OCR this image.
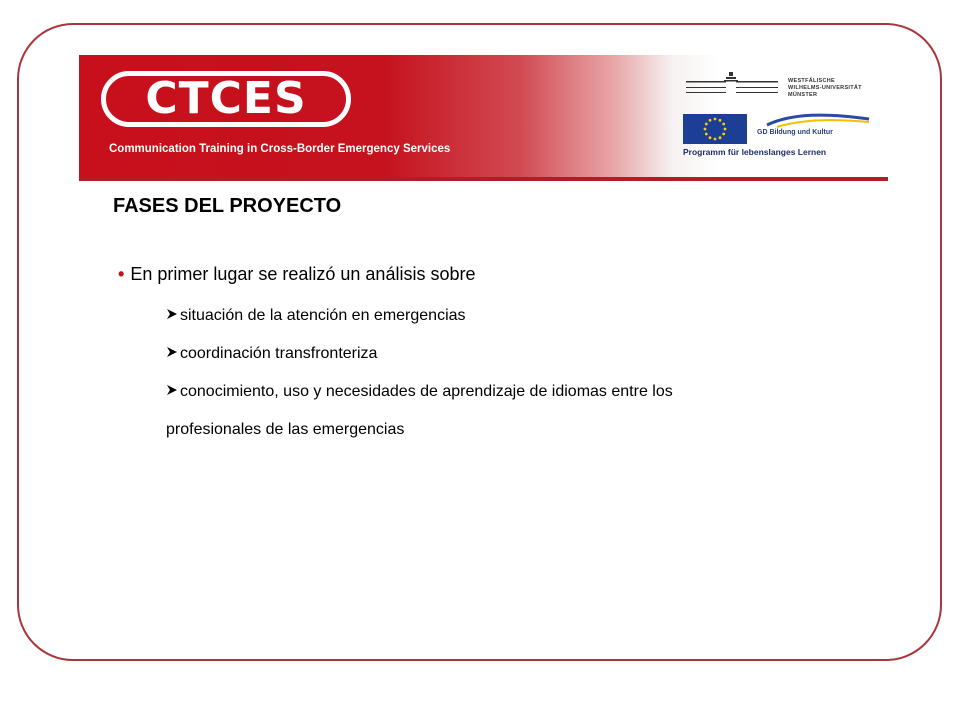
CTCES
Communication Training in Cross-Border Emergency Services
WESTFÄLISCHE
WILHELMS-UNIVERSITÄT
MÜNSTER
GD Bildung und Kultur
Programm für lebenslanges Lernen
FASES DEL PROYECTO
• En primer lugar se realizó un análisis sobre
situación de la atención en emergencias
coordinación transfronteriza
conocimiento, uso y necesidades de aprendizaje de idiomas entre los
profesionales de las emergencias
